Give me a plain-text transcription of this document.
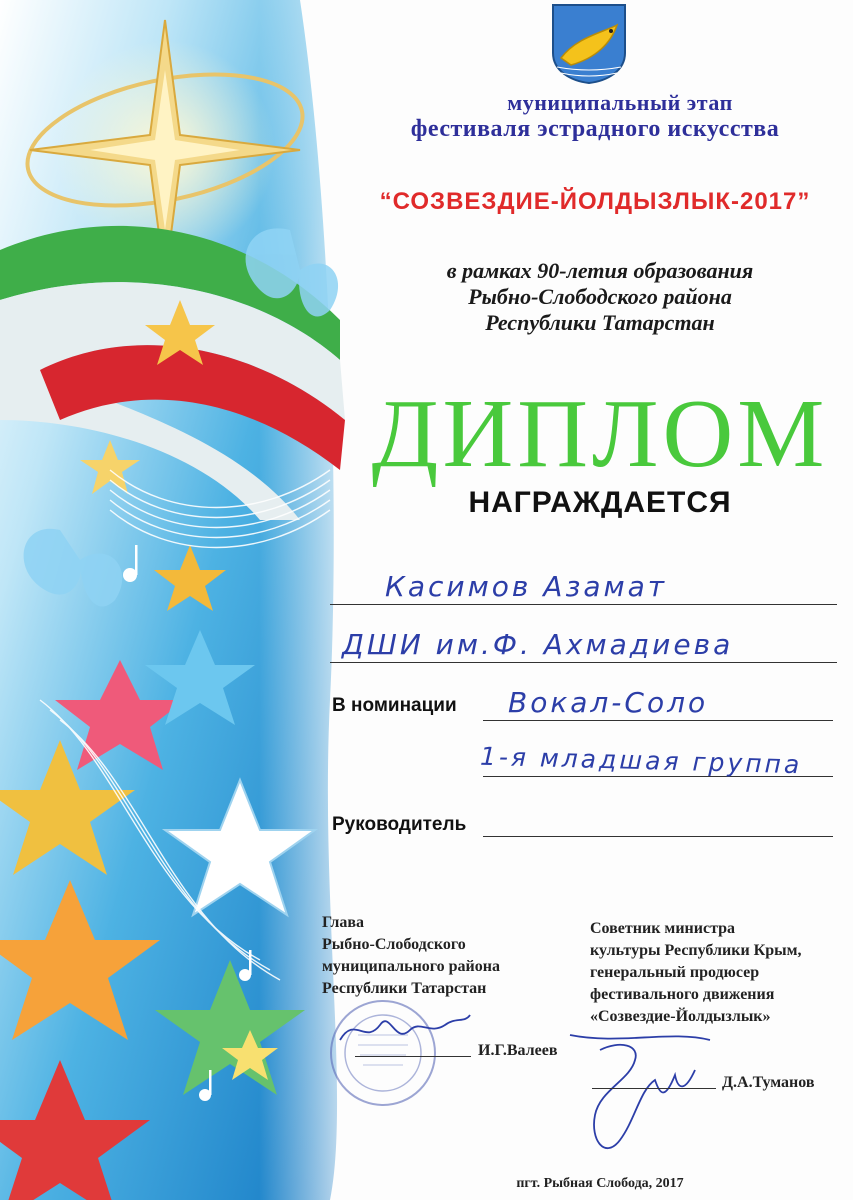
муниципальный этап
фестиваля эстрадного искусства
“СОЗВЕЗДИЕ-ЙОЛДЫЗЛЫК-2017”
в рамках 90-летия образования
Рыбно-Слободского района
Республики Татарстан
ДИПЛОМ
НАГРАЖДАЕТСЯ
Касимов Азамат
ДШИ им.Ф. Ахмадиева
В номинации Вокал-Соло
1-я младшая группа
Руководитель
Глава
Рыбно-Слободского
муниципального района
Республики Татарстан
И.Г.Валеев
Советник министра
культуры Республики Крым,
генеральный продюсер
фестивального движения
«Созвездие-Йолдызлык»
Д.А.Туманов
пгт. Рыбная Слобода, 2017
